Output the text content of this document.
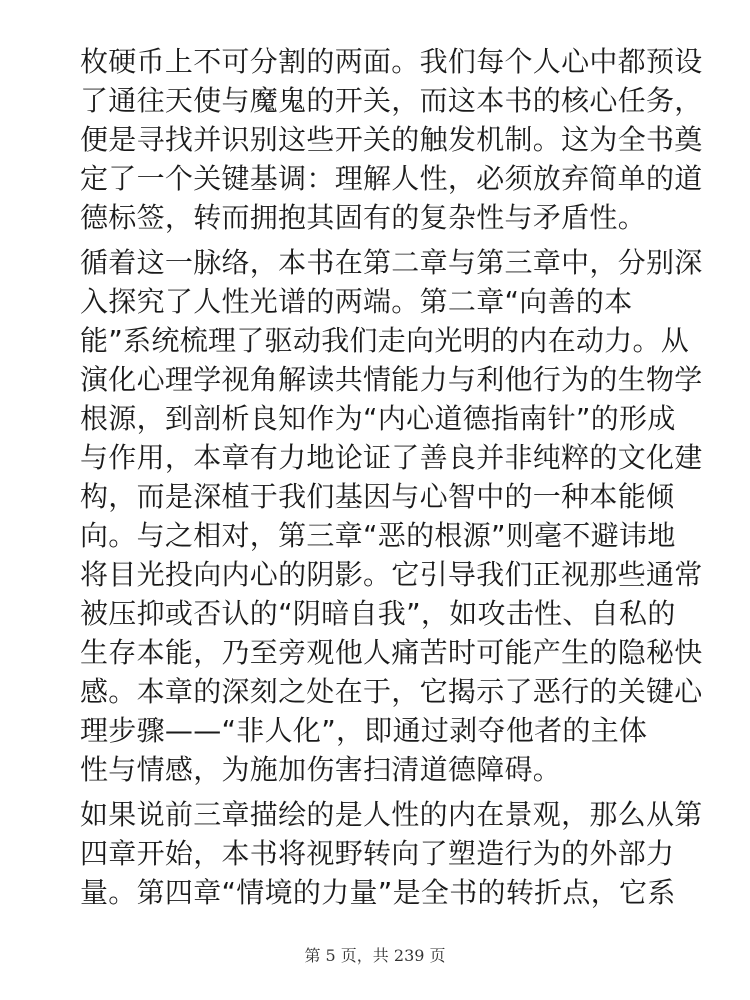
枚硬币上不可分割的两面。我们每个人心中都预设
了通往天使与魔鬼的开关，而这本书的核心任务，
便是寻找并识别这些开关的触发机制。这为全书奠
定了一个关键基调：理解人性，必须放弃简单的道
德标签，转而拥抱其固有的复杂性与矛盾性。
循着这一脉络，本书在第二章与第三章中，分别深
入探究了人性光谱的两端。第二章“向善的本
能”系统梳理了驱动我们走向光明的内在动力。从
演化心理学视角解读共情能力与利他行为的生物学
根源，到剖析良知作为“内心道德指南针”的形成
与作用，本章有力地论证了善良并非纯粹的文化建
构，而是深植于我们基因与心智中的一种本能倾
向。与之相对，第三章“恶的根源”则毫不避讳地
将目光投向内心的阴影。它引导我们正视那些通常
被压抑或否认的“阴暗自我”，如攻击性、自私的
生存本能，乃至旁观他人痛苦时可能产生的隐秘快
感。本章的深刻之处在于，它揭示了恶行的关键心
理步骤——“非人化”，即通过剥夺他者的主体
性与情感，为施加伤害扫清道德障碍。
如果说前三章描绘的是人性的内在景观，那么从第
四章开始，本书将视野转向了塑造行为的外部力
量。第四章“情境的力量”是全书的转折点，它系
第 5 页，共 239 页
